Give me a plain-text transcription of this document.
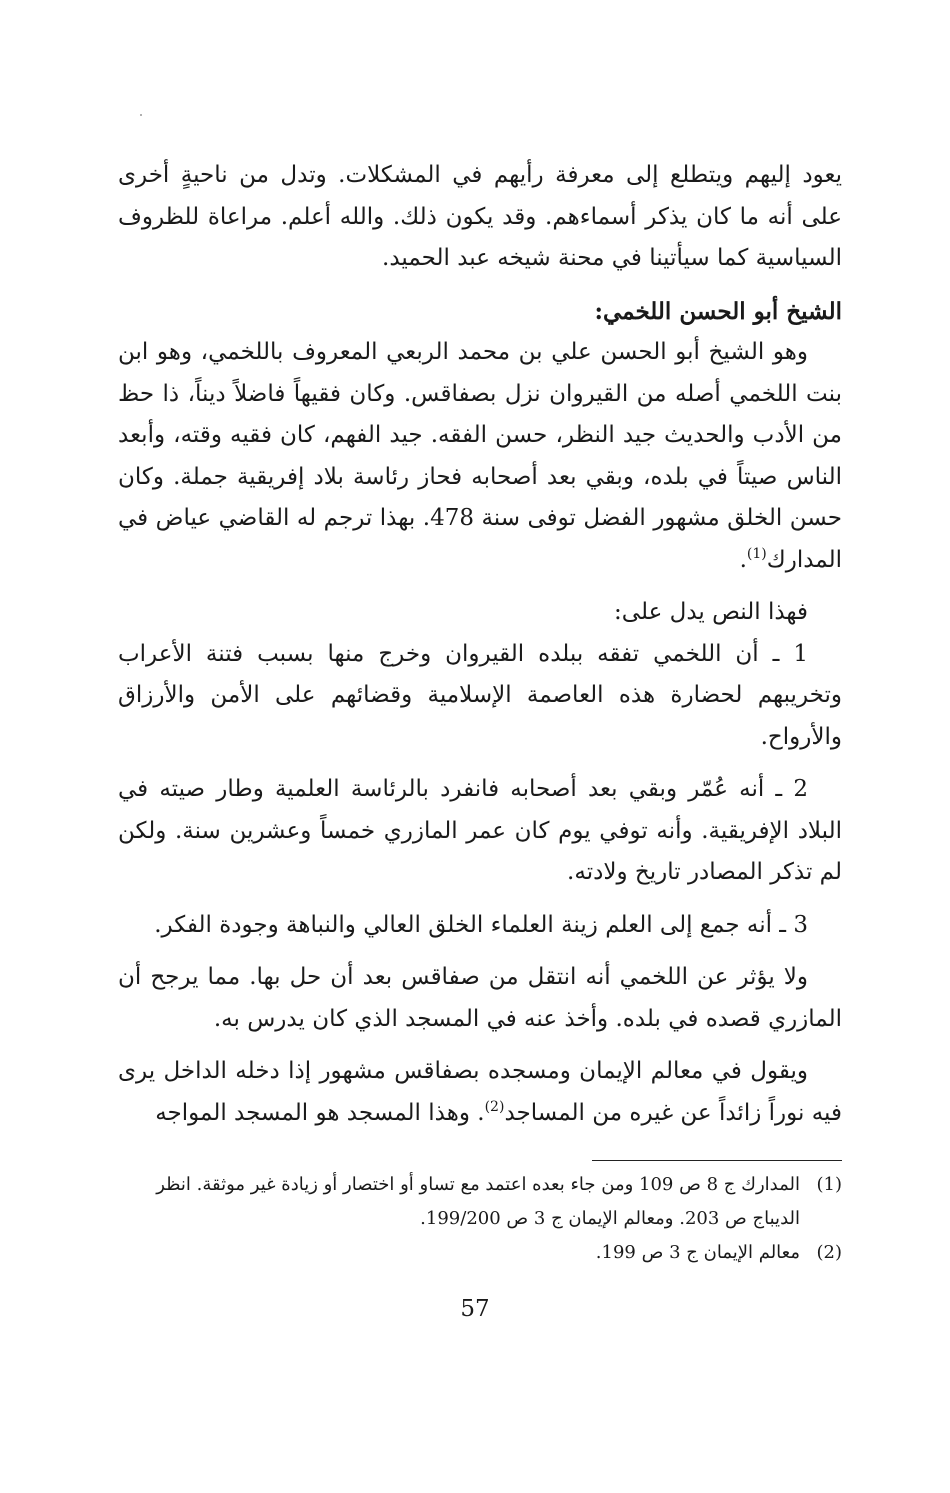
يعود إليهم ويتطلع إلى معرفة رأيهم في المشكلات. وتدل من ناحيةٍ أخرى على أنه ما كان يذكر أسماءهم. وقد يكون ذلك. والله أعلم. مراعاة للظروف السياسية كما سيأتينا في محنة شيخه عبد الحميد.

الشيخ أبو الحسن اللخمي:

وهو الشيخ أبو الحسن علي بن محمد الربعي المعروف باللخمي، وهو ابن بنت اللخمي أصله من القيروان نزل بصفاقس. وكان فقيهاً فاضلاً ديناً، ذا حظ من الأدب والحديث جيد النظر، حسن الفقه. جيد الفهم، كان فقيه وقته، وأبعد الناس صيتاً في بلده، وبقي بعد أصحابه فحاز رئاسة بلاد إفريقية جملة. وكان حسن الخلق مشهور الفضل توفى سنة 478. بهذا ترجم له القاضي عياض في المدارك$^{(1)}$.

فهذا النص يدل على:

1 ـ أن اللخمي تفقه ببلده القيروان وخرج منها بسبب فتنة الأعراب وتخريبهم لحضارة هذه العاصمة الإسلامية وقضائهم على الأمن والأرزاق والأرواح.

2 ـ أنه عُمّر وبقي بعد أصحابه فانفرد بالرئاسة العلمية وطار صيته في البلاد الإفريقية. وأنه توفي يوم كان عمر المازري خمساً وعشرين سنة. ولكن لم تذكر المصادر تاريخ ولادته.

3 ـ أنه جمع إلى العلم زينة العلماء الخلق العالي والنباهة وجودة الفكر.

ولا يؤثر عن اللخمي أنه انتقل من صفاقس بعد أن حل بها. مما يرجح أن المازري قصده في بلده. وأخذ عنه في المسجد الذي كان يدرس به.

ويقول في معالم الإيمان ومسجده بصفاقس مشهور إذا دخله الداخل يرى فيه نوراً زائداً عن غيره من المساجد$^{(2)}$. وهذا المسجد هو المسجد المواجه

(1)
المدارك ج 8 ص 109 ومن جاء بعده اعتمد مع تساو أو اختصار أو زيادة غير موثقة. انظر الديباج ص 203. ومعالم الإيمان ج 3 ص 199/200.
(2)
معالم الإيمان ج 3 ص 199.
57
